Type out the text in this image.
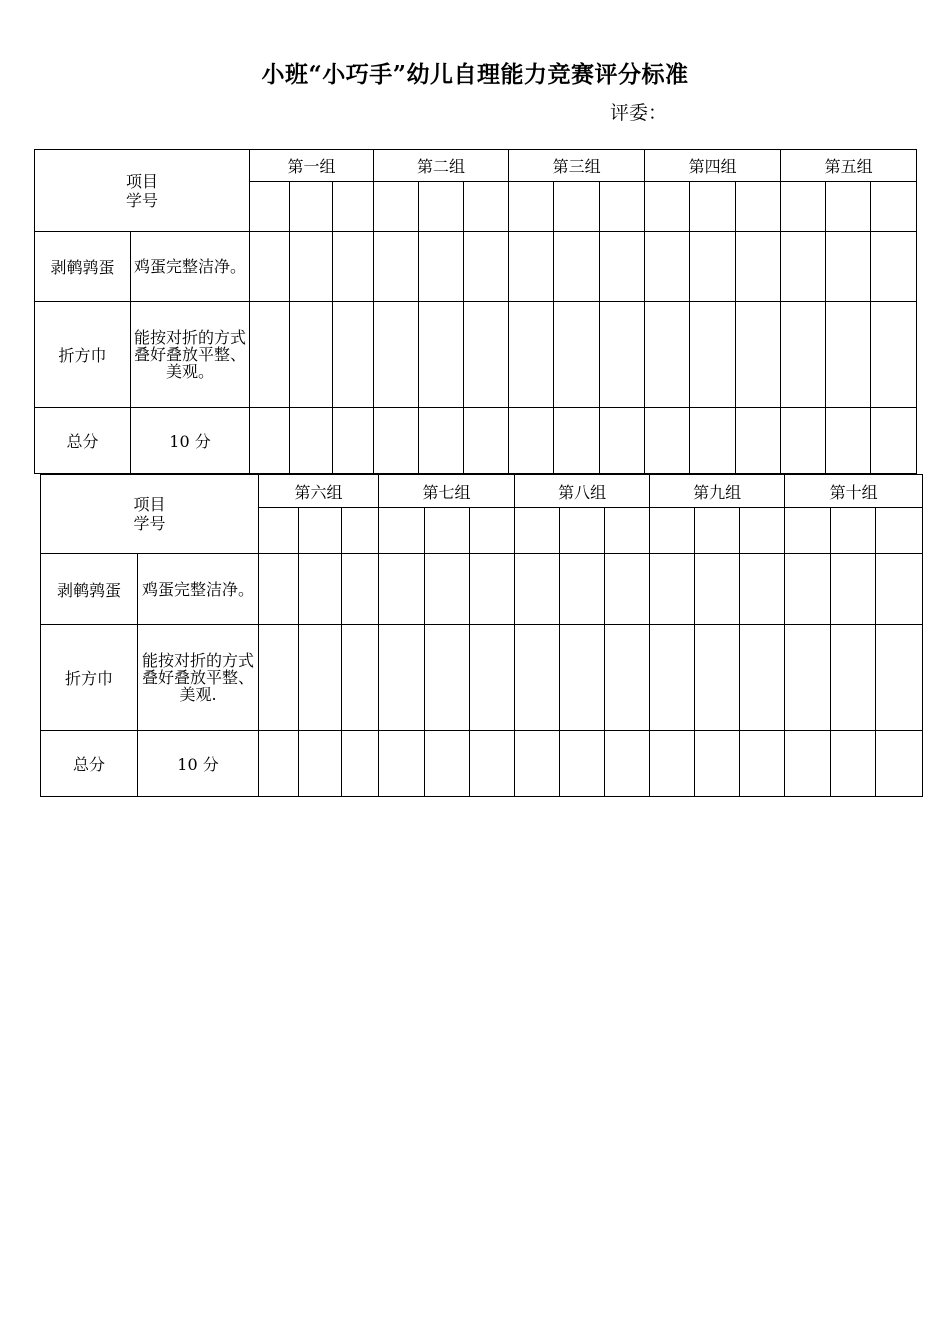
小班“小巧手”幼儿自理能力竞赛评分标准
评委：
项目
学号		第一组			第二组			第三组			第四组			第五组		

剥鹌鹑蛋	鸡蛋完整洁净。															
折方巾	能按对折的方式叠好叠放平整、美观。															
总分	10 分															
项目
学号		第六组			第七组			第八组			第九组			第十组		

剥鹌鹑蛋	鸡蛋完整洁净。															
折方巾	能按对折的方式叠好叠放平整、美观.															
总分	10 分															
